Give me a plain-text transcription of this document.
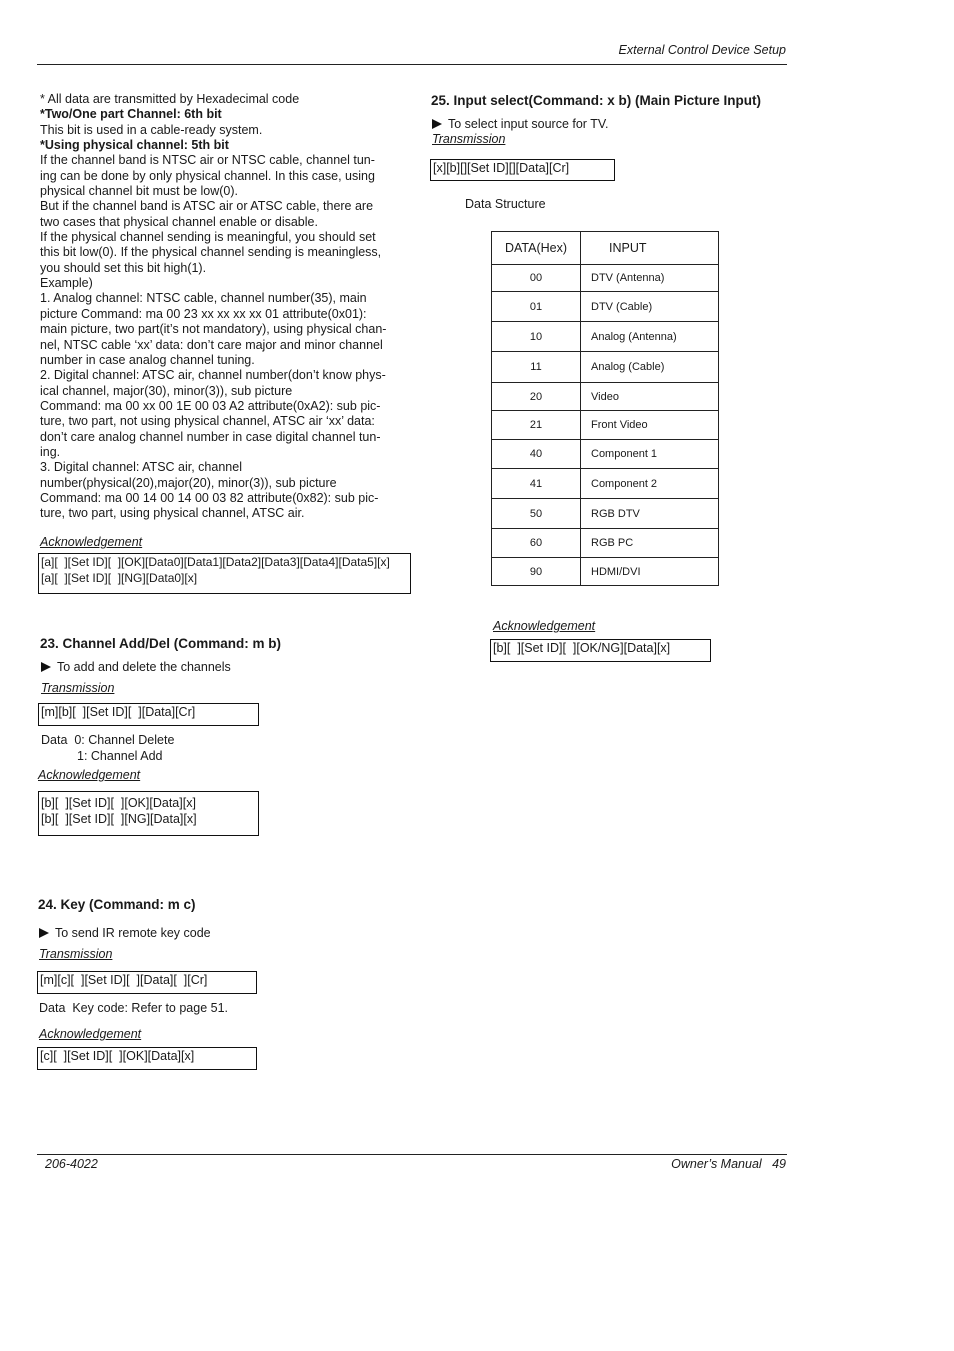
External Control Device Setup

* All data are transmitted by Hexadecimal code

*Two/One part Channel: 6th bit

This bit is used in a cable-ready system.

*Using physical channel: 5th bit

If the channel band is NTSC air or NTSC cable, channel tun-

ing can be done by only physical channel. In this case, using

physical channel bit must be low(0).

But if the channel band is ATSC air or ATSC cable, there are

two cases that physical channel enable or disable.

If the physical channel sending is meaningful, you should set

this bit low(0). If the physical channel sending is meaningless,

you should set this bit high(1).

Example)

1. Analog channel: NTSC cable, channel number(35), main

picture Command: ma 00 23 xx xx xx xx 01 attribute(0x01):

main picture, two part(it’s not mandatory), using physical chan-

nel, NTSC cable ‘xx’ data: don’t care major and minor channel

number in case analog channel tuning.

2. Digital channel: ATSC air, channel number(don’t know phys-

ical channel, major(30), minor(3)), sub picture

Command: ma 00 xx 00 1E 00 03 A2 attribute(0xA2): sub pic-

ture, two part, not using physical channel, ATSC air ‘xx’ data:

don’t care analog channel number in case digital channel tun-

ing.

3. Digital channel: ATSC air, channel

number(physical(20),major(20), minor(3)), sub picture

Command: ma 00 14 00 14 00 03 82 attribute(0x82): sub pic-

ture, two part, using physical channel, ATSC air.

Acknowledgement
[a][  ][Set ID][  ][OK][Data0][Data1][Data2][Data3][Data4][Data5][x]
[a][  ][Set ID][  ][NG][Data0][x]
23. Channel Add/Del (Command: m b)
To add and delete the channels
Transmission
[m][b][  ][Set ID][  ][Data][Cr]
Data  0: Channel Delete
1: Channel Add
Acknowledgement
[b][  ][Set ID][  ][OK][Data][x]
[b][  ][Set ID][  ][NG][Data][x]
24. Key (Command: m c)
To send IR remote key code
Transmission
[m][c][  ][Set ID][  ][Data][  ][Cr]
Data  Key code: Refer to page 51.
Acknowledgement
[c][  ][Set ID][  ][OK][Data][x]
25. Input select(Command: x b) (Main Picture Input)
To select input source for TV.
Transmission
[x][b][][Set ID][][Data][Cr]
Data Structure
DATA(Hex)	INPUT
00	DTV (Antenna)
01	DTV (Cable)
10	Analog (Antenna)
11	Analog (Cable)
20	Video
21	Front Video
40	Component 1
41	Component 2
50	RGB DTV
60	RGB PC
90	HDMI/DVI
Acknowledgement
[b][  ][Set ID][  ][OK/NG][Data][x]
206-4022	Owner’s Manual   49
